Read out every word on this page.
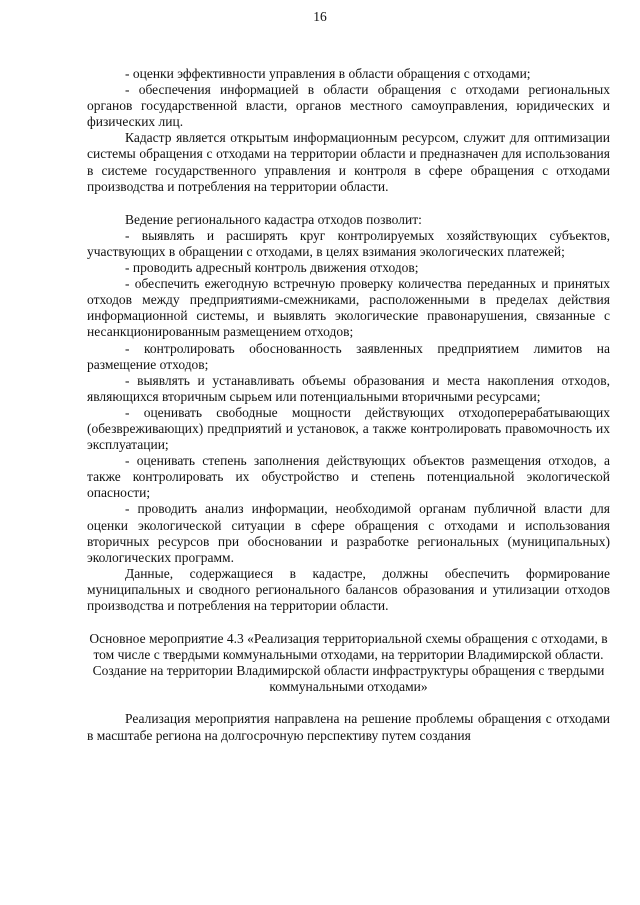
16

- оценки эффективности управления в области обращения с отходами;

- обеспечения информацией в области обращения с отходами региональных органов государственной власти, органов местного самоуправления, юридических и физических лиц.

Кадастр является открытым информационным ресурсом, служит для оптимизации системы обращения с отходами на территории области и предназначен для использования в системе государственного управления и контроля в сфере обращения с отходами производства и потребления на территории области.

Ведение регионального кадастра отходов позволит:

- выявлять и расширять круг контролируемых хозяйствующих субъектов, участвующих в обращении с отходами, в целях взимания экологических платежей;

- проводить адресный контроль движения отходов;

- обеспечить ежегодную встречную проверку количества переданных и принятых отходов между предприятиями-смежниками, расположенными в пределах действия информационной системы, и выявлять экологические правонарушения, связанные с несанкционированным размещением отходов;

- контролировать обоснованность заявленных предприятием лимитов на размещение отходов;

- выявлять и устанавливать объемы образования и места накопления отходов, являющихся вторичным сырьем или потенциальными вторичными ресурсами;

- оценивать свободные мощности действующих отходоперерабатывающих (обезвреживающих) предприятий и установок, а также контролировать правомочность их эксплуатации;

- оценивать степень заполнения действующих объектов размещения отходов, а также контролировать их обустройство и степень потенциальной экологической опасности;

- проводить анализ информации, необходимой органам публичной власти для оценки экологической ситуации в сфере обращения с отходами и использования вторичных ресурсов при обосновании и разработке региональных (муниципальных) экологических программ.

Данные, содержащиеся в кадастре, должны обеспечить формирование муниципальных и сводного регионального балансов образования и утилизации отходов производства и потребления на территории области.

Основное мероприятие 4.3 «Реализация территориальной схемы обращения с отходами, в том числе с твердыми коммунальными отходами, на территории Владимирской области. Создание на территории Владимирской области инфраструктуры обращения с твердыми коммунальными отходами»

Реализация мероприятия направлена на решение проблемы обращения с отходами в масштабе региона на долгосрочную перспективу путем создания
